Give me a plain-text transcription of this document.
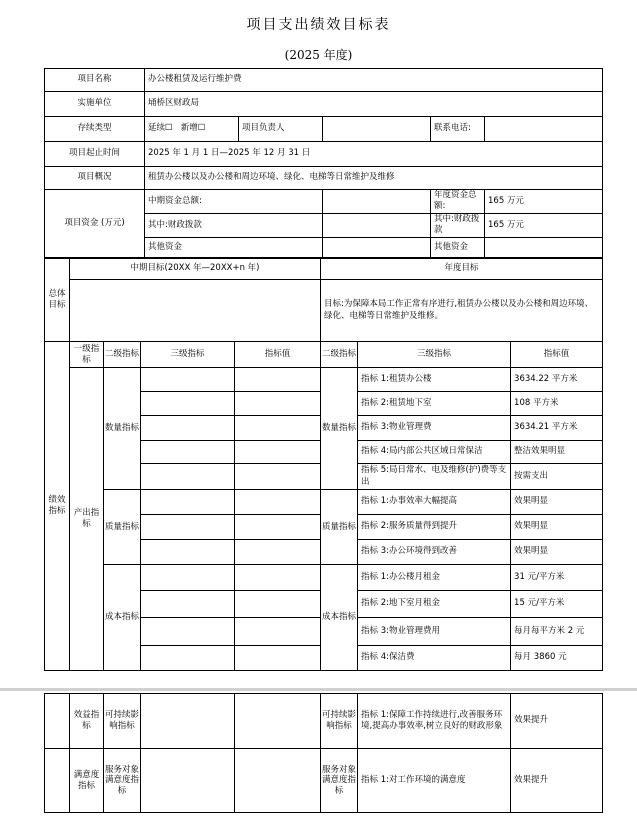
项目支出绩效目标表
(2025 年度)
项目名称	办公楼租赁及运行维护费				
实施单位	埇桥区财政局				
存续类型	延续☐ 新增☐	项目负责人		联系电话:	
项目起止时间	2025 年 1 月 1 日—2025 年 12 月 31 日				
项目概况	租赁办公楼以及办公楼和周边环境、绿化、电梯等日常维护及维修				
项目资金 (万元)	中期资金总额:			年度资金总额:	165 万元
	其中:财政拨款			其中:财政拨款	165 万元
	其他资金			其他资金	
总体目标	中期目标(20XX 年—20XX+n 年)				年度目标		
					目标:为保障本局工作正常有序进行,租赁办公楼以及办公楼和周边环境、绿化、电梯等日常维护及维修。		
绩效指标	一级指标	二级指标	三级指标	指标值	二级指标	三级指标	指标值
	产出指标	数量指标			数量指标	指标 1:租赁办公楼	3634.22 平方米
						指标 2:租赁地下室	108 平方米
						指标 3:物业管理费	3634.21 平方米
						指标 4:局内部公共区域日常保洁	整洁效果明显
						指标 5:局日常水、电及维修(护)费等支出	按需支出
		质量指标			质量指标	指标 1:办事效率大幅提高	效果明显
						指标 2:服务质量得到提升	效果明显
						指标 3:办公环境得到改善	效果明显
		成本指标			成本指标	指标 1:办公楼月租金	31 元/平方米
						指标 2:地下室月租金	15 元/平方米
						指标 3:物业管理费用	每月每平方米 2 元
						指标 4:保洁费	每月 3860 元
	效益指标	可持续影响指标			可持续影响指标	指标 1:保障工作持续进行,改善服务环境,提高办事效率,树立良好的财政形象	效果提升
	满意度指标	服务对象满意度指标			服务对象满意度指标	指标 1:对工作环境的满意度	效果提升
